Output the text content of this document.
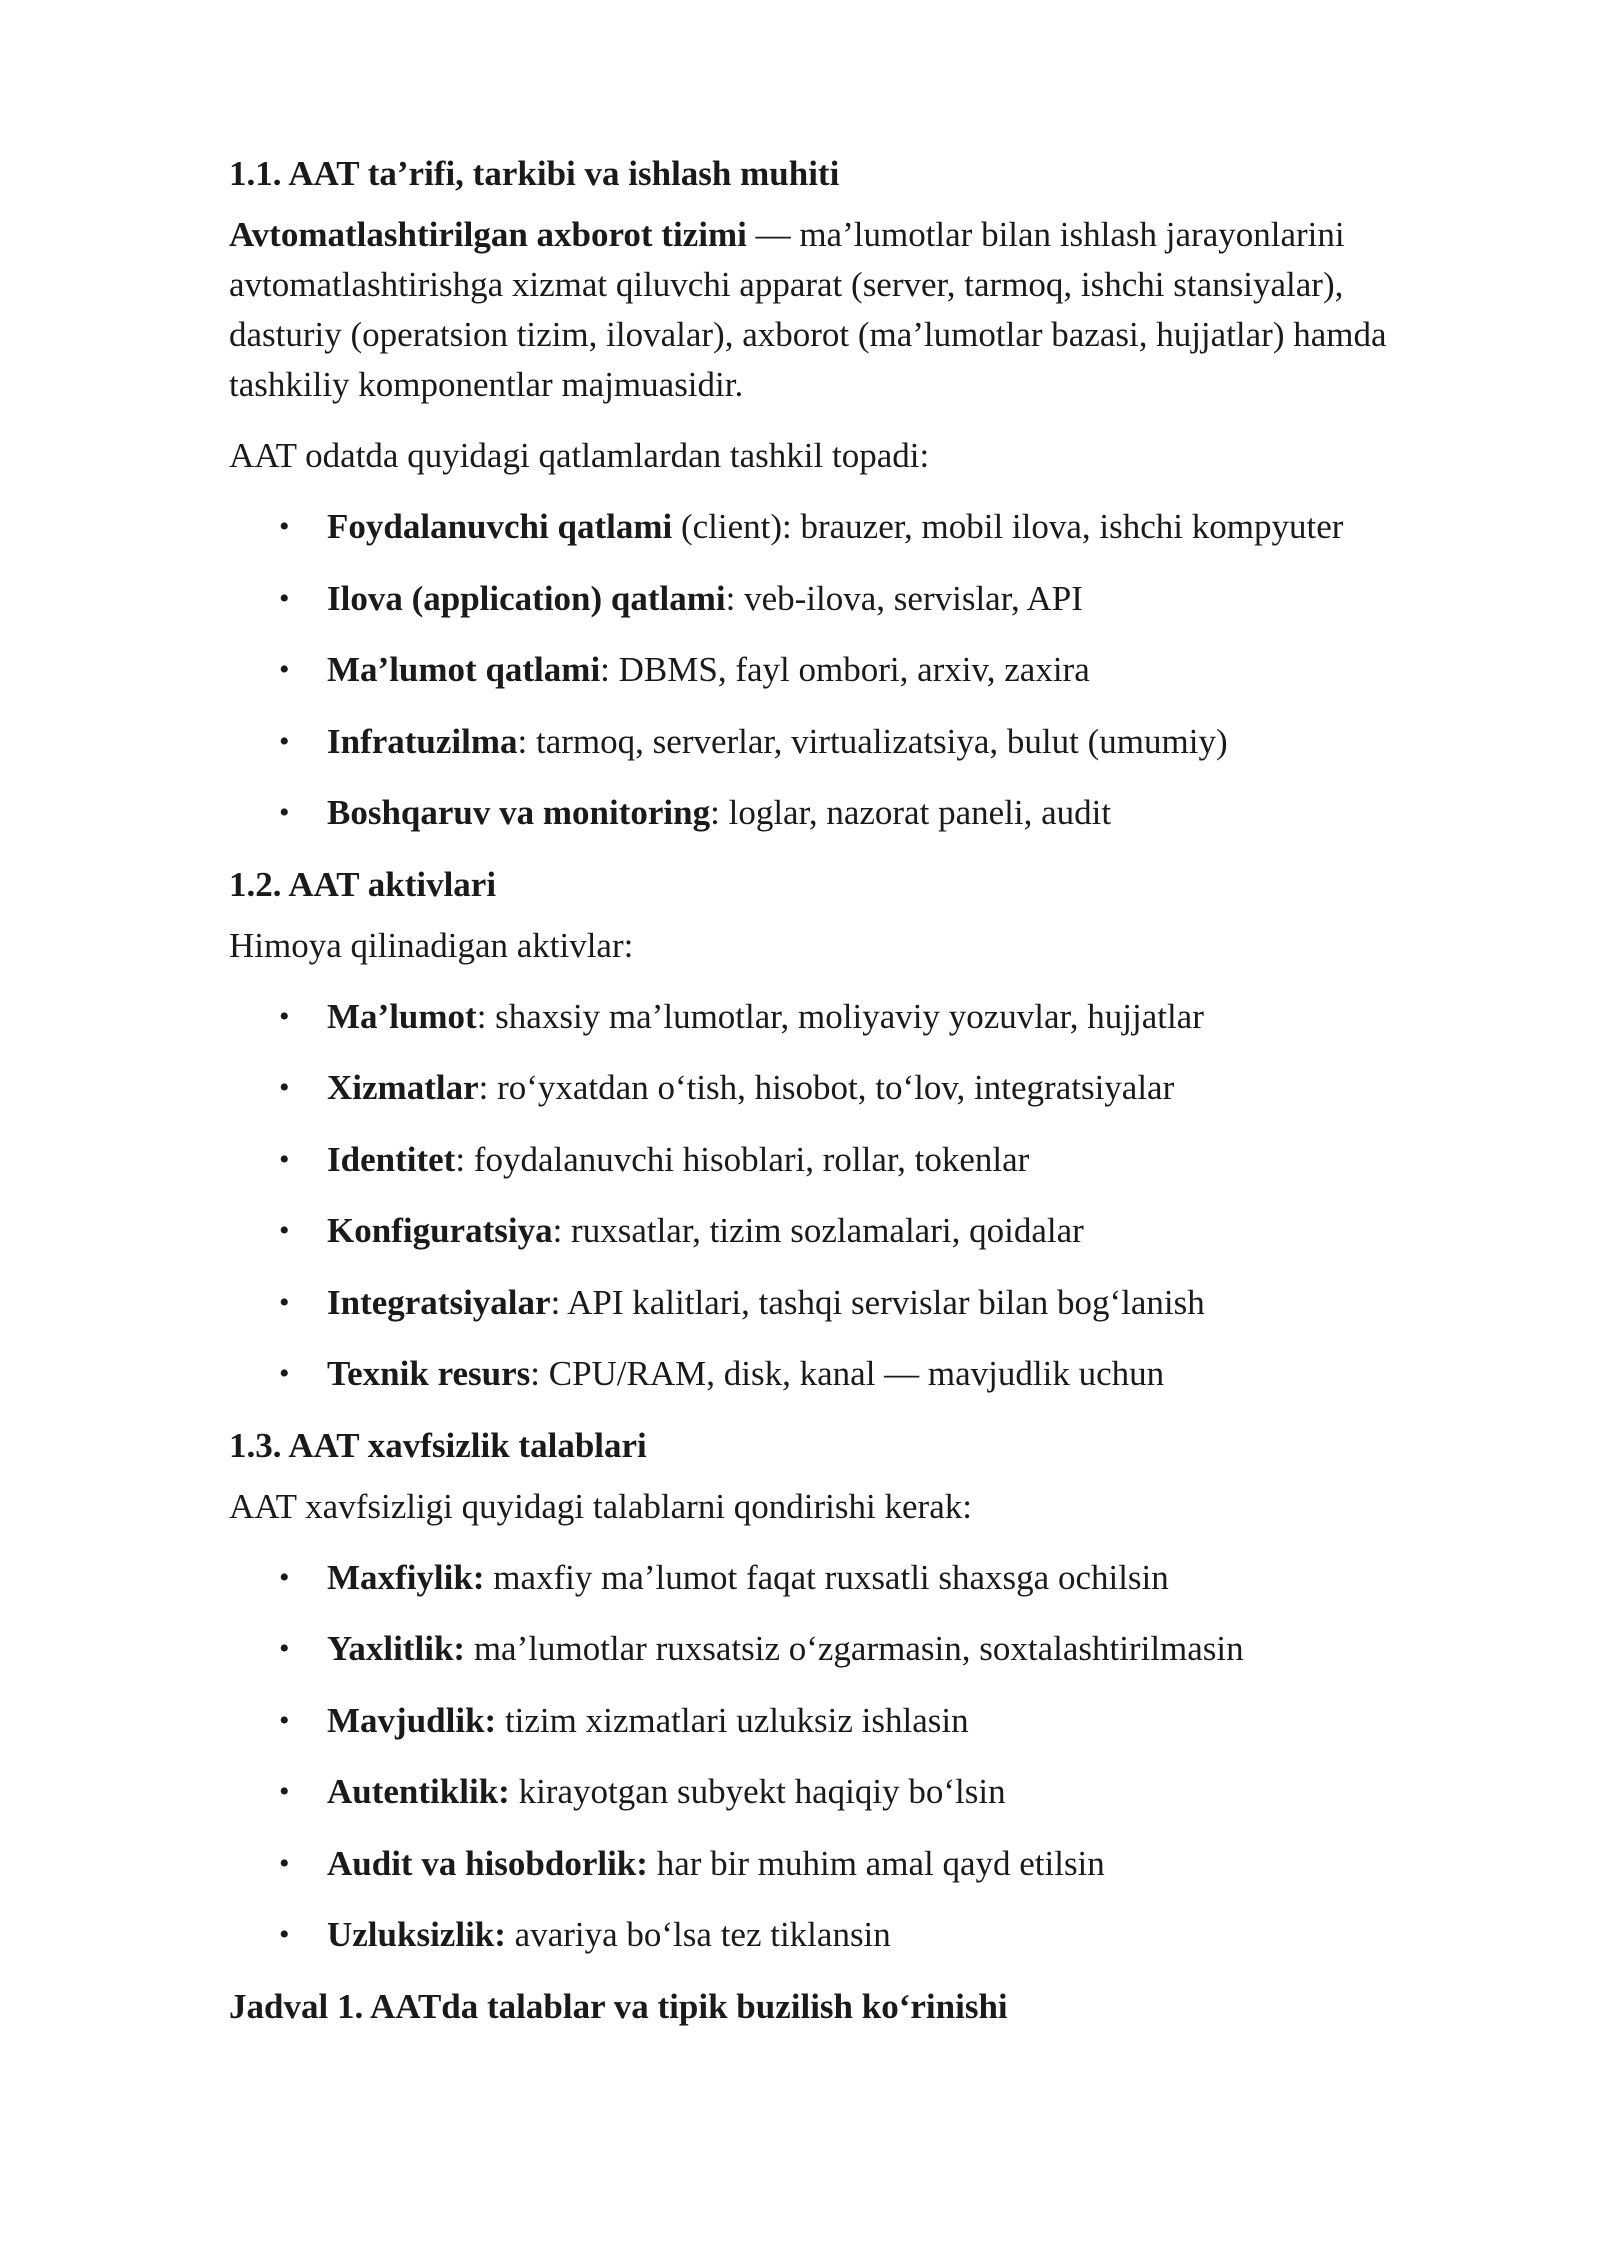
1.1. AAT ta’rifi, tarkibi va ishlash muhiti

Avtomatlashtirilgan axborot tizimi — ma’lumotlar bilan ishlash jarayonlarini
avtomatlashtirishga xizmat qiluvchi apparat (server, tarmoq, ishchi stansiyalar),
dasturiy (operatsion tizim, ilovalar), axborot (ma’lumotlar bazasi, hujjatlar) hamda
tashkiliy komponentlar majmuasidir.

AAT odatda quyidagi qatlamlardan tashkil topadi:

• Foydalanuvchi qatlami (client): brauzer, mobil ilova, ishchi kompyuter
• Ilova (application) qatlami: veb-ilova, servislar, API
• Ma’lumot qatlami: DBMS, fayl ombori, arxiv, zaxira
• Infratuzilma: tarmoq, serverlar, virtualizatsiya, bulut (umumiy)
• Boshqaruv va monitoring: loglar, nazorat paneli, audit
1.2. AAT aktivlari

Himoya qilinadigan aktivlar:

• Ma’lumot: shaxsiy ma’lumotlar, moliyaviy yozuvlar, hujjatlar
• Xizmatlar: ro‘yxatdan o‘tish, hisobot, to‘lov, integratsiyalar
• Identitet: foydalanuvchi hisoblari, rollar, tokenlar
• Konfiguratsiya: ruxsatlar, tizim sozlamalari, qoidalar
• Integratsiyalar: API kalitlari, tashqi servislar bilan bog‘lanish
• Texnik resurs: CPU/RAM, disk, kanal — mavjudlik uchun
1.3. AAT xavfsizlik talablari

AAT xavfsizligi quyidagi talablarni qondirishi kerak:

• Maxfiylik: maxfiy ma’lumot faqat ruxsatli shaxsga ochilsin
• Yaxlitlik: ma’lumotlar ruxsatsiz o‘zgarmasin, soxtalashtirilmasin
• Mavjudlik: tizim xizmatlari uzluksiz ishlasin
• Autentiklik: kirayotgan subyekt haqiqiy bo‘lsin
• Audit va hisobdorlik: har bir muhim amal qayd etilsin
• Uzluksizlik: avariya bo‘lsa tez tiklansin
Jadval 1. AATda talablar va tipik buzilish ko‘rinishi
